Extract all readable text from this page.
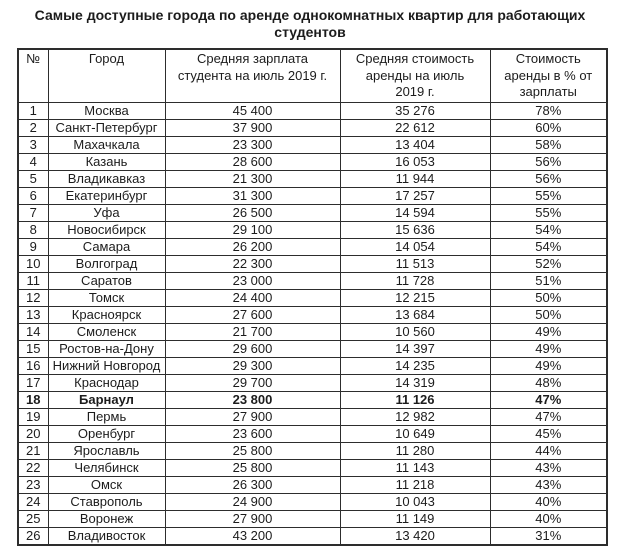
Самые доступные города по аренде однокомнатных квартир для работающих
студентов
№	Город	Средняя зарплата студента на июль 2019 г.	Средняя стоимость аренды на июль 2019 г.	Стоимость аренды в % от зарплаты
1	Москва	45 400	35 276	78%
2	Санкт-Петербург	37 900	22 612	60%
3	Махачкала	23 300	13 404	58%
4	Казань	28 600	16 053	56%
5	Владикавказ	21 300	11 944	56%
6	Екатеринбург	31 300	17 257	55%
7	Уфа	26 500	14 594	55%
8	Новосибирск	29 100	15 636	54%
9	Самара	26 200	14 054	54%
10	Волгоград	22 300	11 513	52%
11	Саратов	23 000	11 728	51%
12	Томск	24 400	12 215	50%
13	Красноярск	27 600	13 684	50%
14	Смоленск	21 700	10 560	49%
15	Ростов-на-Дону	29 600	14 397	49%
16	Нижний Новгород	29 300	14 235	49%
17	Краснодар	29 700	14 319	48%
18	Барнаул	23 800	11 126	47%
19	Пермь	27 900	12 982	47%
20	Оренбург	23 600	10 649	45%
21	Ярославль	25 800	11 280	44%
22	Челябинск	25 800	11 143	43%
23	Омск	26 300	11 218	43%
24	Ставрополь	24 900	10 043	40%
25	Воронеж	27 900	11 149	40%
26	Владивосток	43 200	13 420	31%
